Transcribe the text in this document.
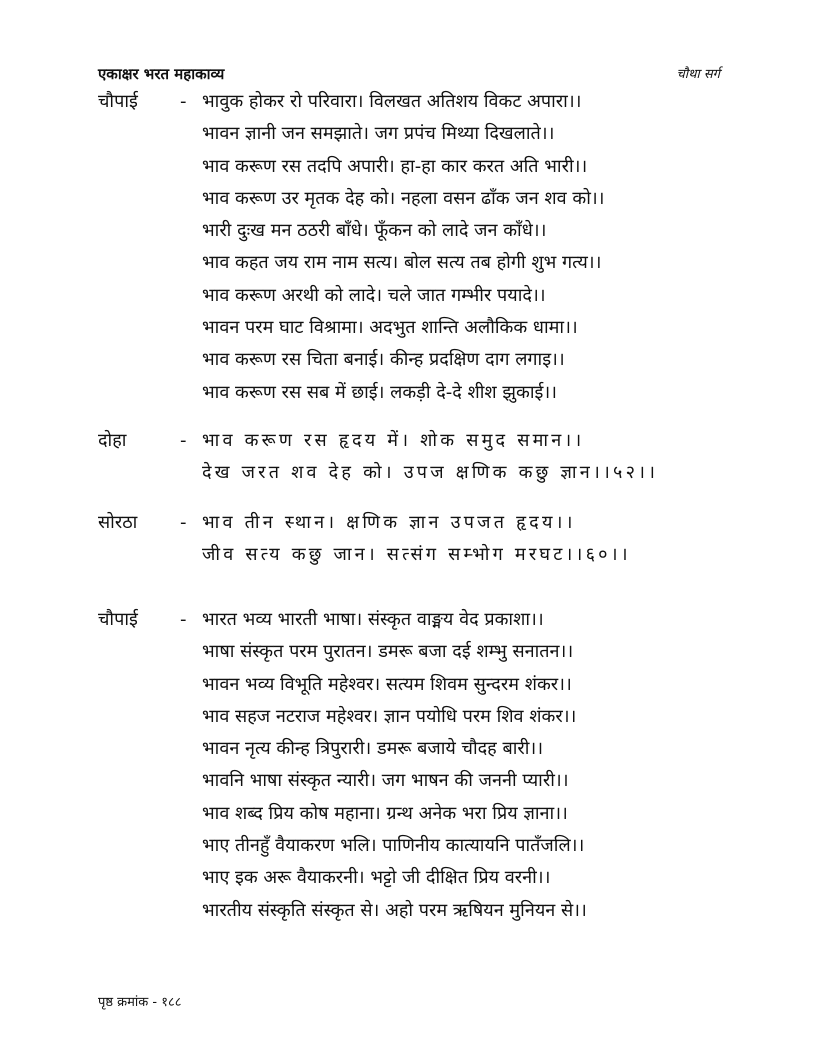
एकाक्षर भरत महाकाव्य	चौथा सर्ग
चौपाई	- भावुक होकर रो परिवारा। विलखत अतिशय विकट अपारा।।
भावन ज्ञानी जन समझाते। जग प्रपंच मिथ्या दिखलाते।।
भाव करूण रस तदपि अपारी। हा-हा कार करत अति भारी।।
भाव करूण उर मृतक देह को। नहला वसन ढाँक जन शव को।।
भारी दुःख मन ठठरी बाँधे। फूँकन को लादे जन काँधे।।
भाव कहत जय राम नाम सत्य। बोल सत्य तब होगी शुभ गत्य।।
भाव करूण अरथी को लादे। चले जात गम्भीर पयादे।।
भावन परम घाट विश्रामा। अदभुत शान्ति अलौकिक धामा।।
भाव करूण रस चिता बनाई। कीन्ह प्रदक्षिण दाग लगाइ।।
भाव करूण रस सब में छाई। लकड़ी दे-दे शीश झुकाई।।
दोहा	- भाव करूण रस हृदय में। शोक समुद समान।।
देख जरत शव देह को। उपज क्षणिक कछु ज्ञान।।५२।।
सोरठा	- भाव तीन स्थान। क्षणिक ज्ञान उपजत हृदय।।
जीव सत्य कछु जान। सत्संग सम्भोग मरघट।।६०।।
चौपाई	- भारत भव्य भारती भाषा। संस्कृत वाङ्मय वेद प्रकाशा।।
भाषा संस्कृत परम पुरातन। डमरू बजा दई शम्भु सनातन।।
भावन भव्य विभूति महेश्वर। सत्यम शिवम सुन्दरम शंकर।।
भाव सहज नटराज महेश्वर। ज्ञान पयोधि परम शिव शंकर।।
भावन नृत्य कीन्ह त्रिपुरारी। डमरू बजाये चौदह बारी।।
भावनि भाषा संस्कृत न्यारी। जग भाषन की जननी प्यारी।।
भाव शब्द प्रिय कोष महाना। ग्रन्थ अनेक भरा प्रिय ज्ञाना।।
भाए तीनहुँ वैयाकरण भलि। पाणिनीय कात्यायनि पातँजलि।।
भाए इक अरू वैयाकरनी। भट्टो जी दीक्षित प्रिय वरनी।।
भारतीय संस्कृति संस्कृत से। अहो परम ऋषियन मुनियन से।।
पृष्ठ क्रमांक - १८८
